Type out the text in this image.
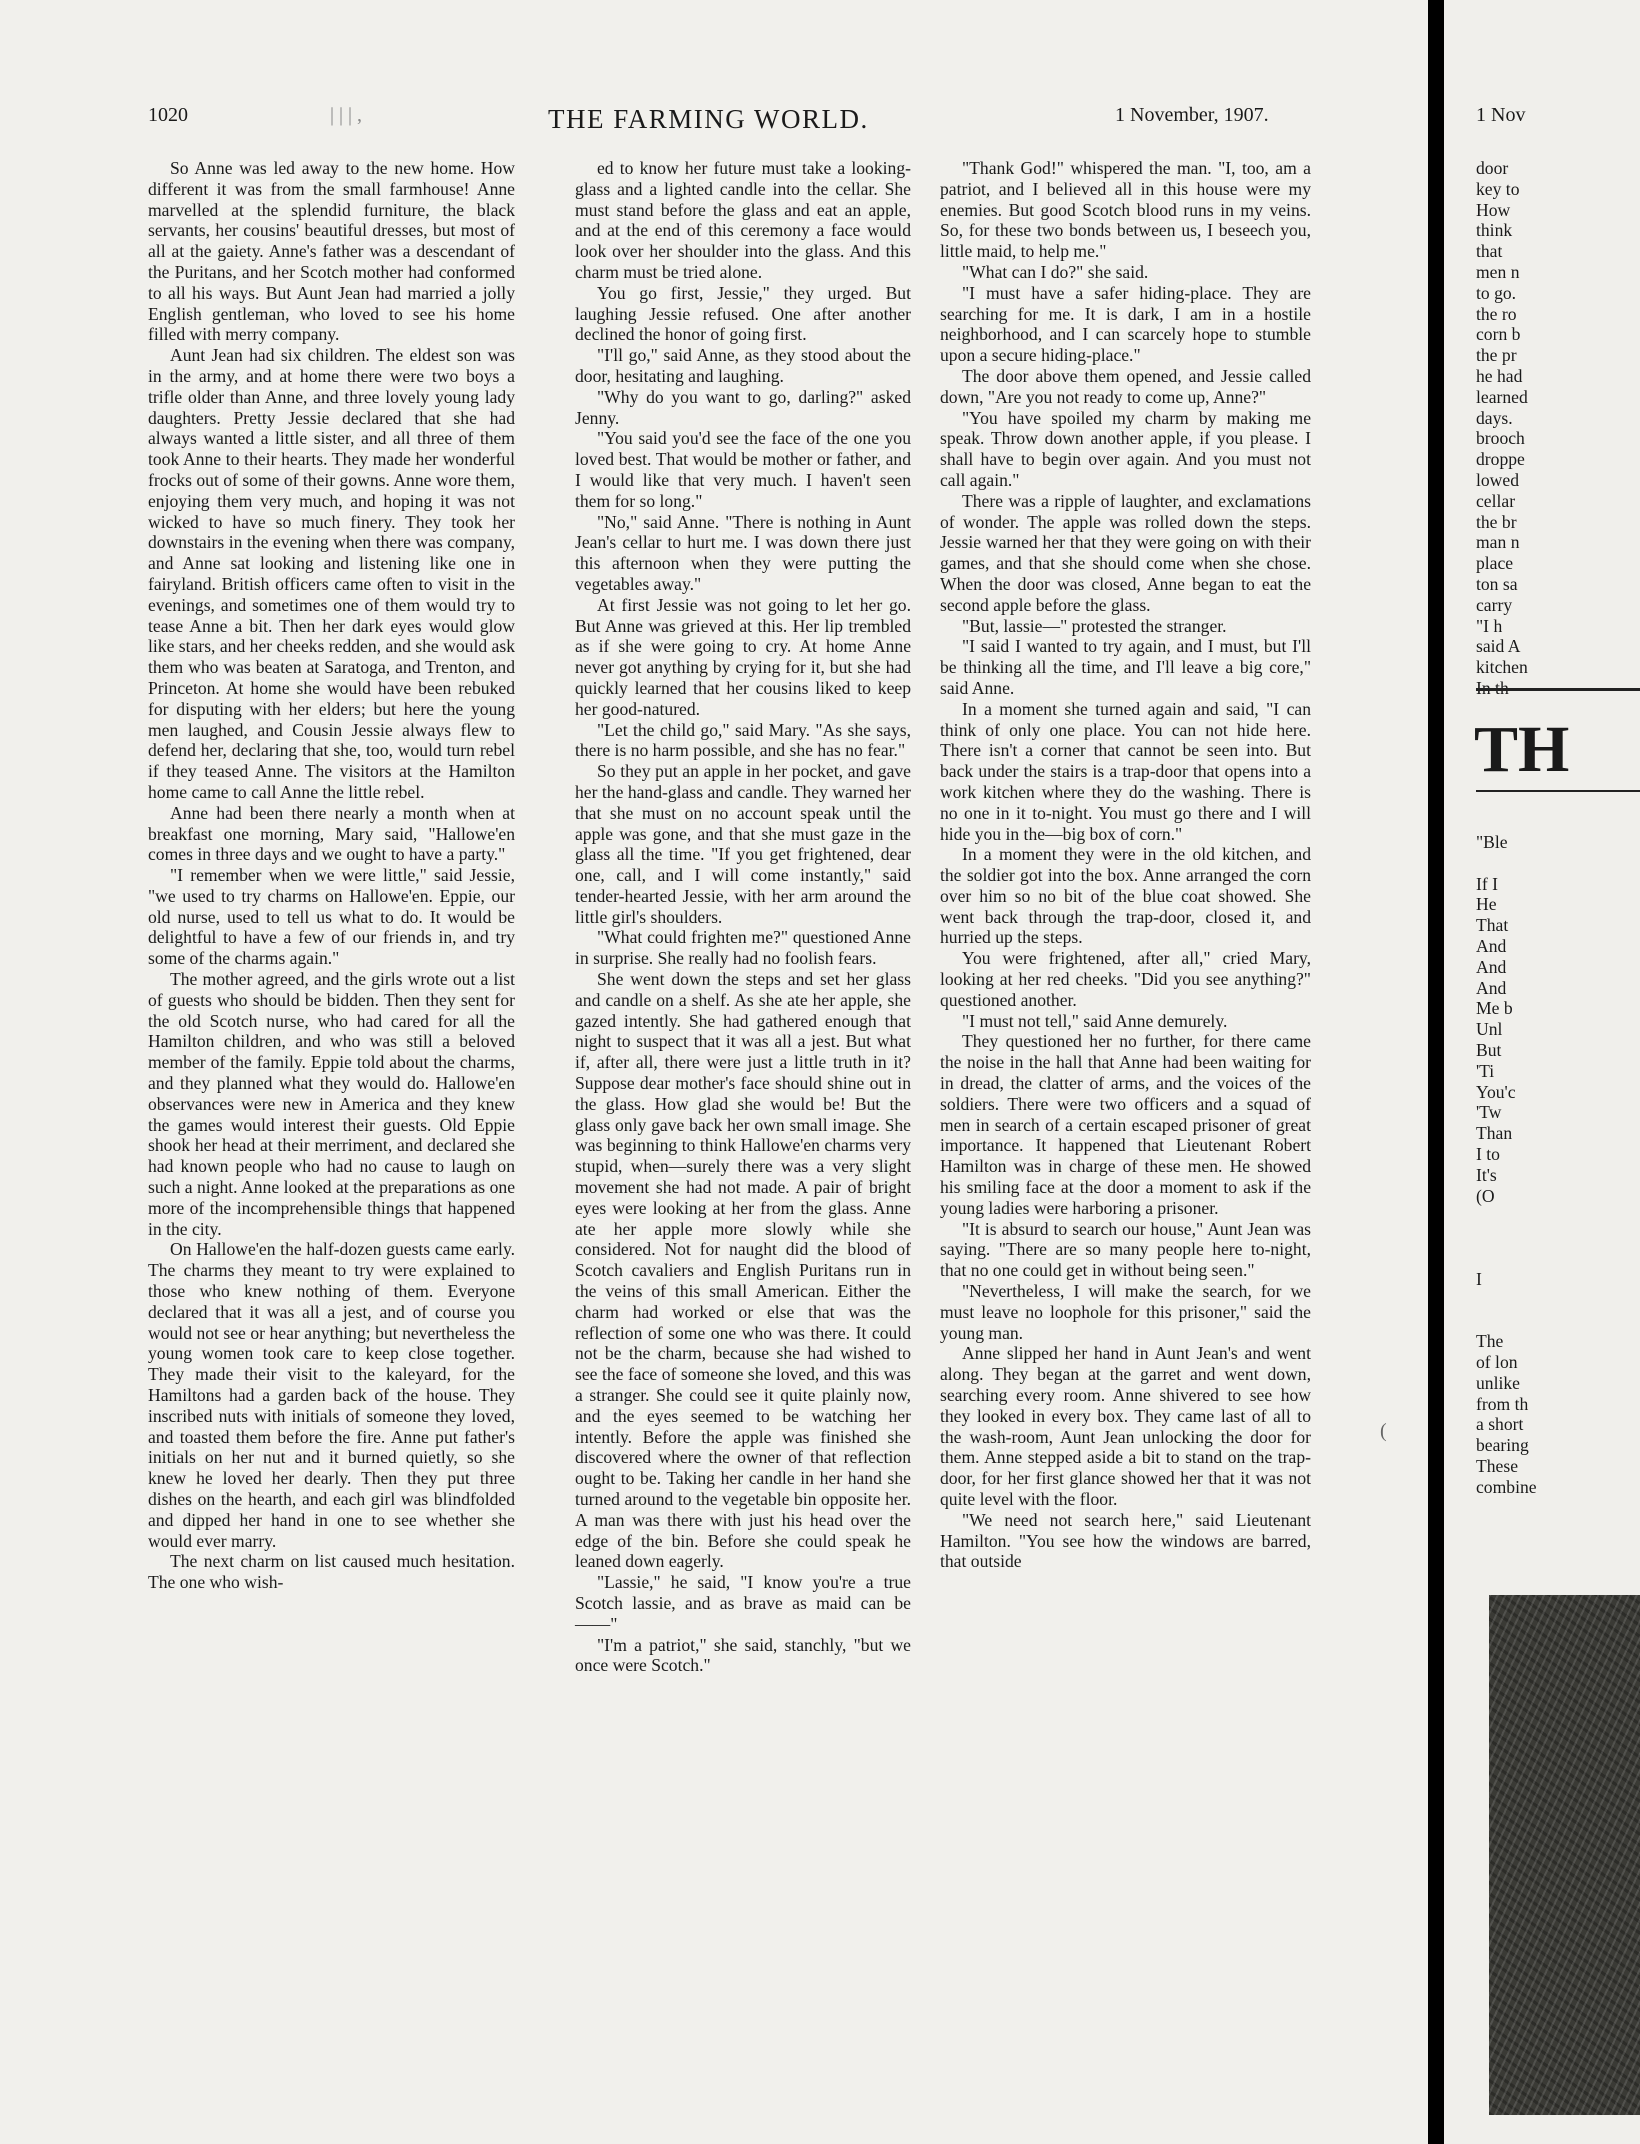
1020	| | | ,	THE FARMING WORLD.	1 November, 1907.

So Anne was led away to the new home. How different it was from the small farmhouse! Anne marvelled at the splendid furniture, the black servants, her cousins' beautiful dresses, but most of all at the gaiety. Anne's father was a descendant of the Puritans, and her Scotch mother had conformed to all his ways. But Aunt Jean had married a jolly English gentleman, who loved to see his home filled with merry company.

Aunt Jean had six children. The eldest son was in the army, and at home there were two boys a trifle older than Anne, and three lovely young lady daughters. Pretty Jessie declared that she had always wanted a little sister, and all three of them took Anne to their hearts. They made her wonderful frocks out of some of their gowns. Anne wore them, enjoying them very much, and hoping it was not wicked to have so much finery. They took her downstairs in the evening when there was company, and Anne sat looking and listening like one in fairyland. British officers came often to visit in the evenings, and sometimes one of them would try to tease Anne a bit. Then her dark eyes would glow like stars, and her cheeks redden, and she would ask them who was beaten at Saratoga, and Trenton, and Princeton. At home she would have been rebuked for disputing with her elders; but here the young men laughed, and Cousin Jessie always flew to defend her, declaring that she, too, would turn rebel if they teased Anne. The visitors at the Hamilton home came to call Anne the little rebel.

Anne had been there nearly a month when at breakfast one morning, Mary said, "Hallowe'en comes in three days and we ought to have a party."

"I remember when we were little," said Jessie, "we used to try charms on Hallowe'en. Eppie, our old nurse, used to tell us what to do. It would be delightful to have a few of our friends in, and try some of the charms again."

The mother agreed, and the girls wrote out a list of guests who should be bidden. Then they sent for the old Scotch nurse, who had cared for all the Hamilton children, and who was still a beloved member of the family. Eppie told about the charms, and they planned what they would do. Hallowe'en observances were new in America and they knew the games would interest their guests. Old Eppie shook her head at their merriment, and declared she had known people who had no cause to laugh on such a night. Anne looked at the preparations as one more of the incomprehensible things that happened in the city.

On Hallowe'en the half-dozen guests came early. The charms they meant to try were explained to those who knew nothing of them. Everyone declared that it was all a jest, and of course you would not see or hear anything; but nevertheless the young women took care to keep close together. They made their visit to the kaleyard, for the Hamiltons had a garden back of the house. They inscribed nuts with initials of someone they loved, and toasted them before the fire. Anne put father's initials on her nut and it burned quietly, so she knew he loved her dearly. Then they put three dishes on the hearth, and each girl was blindfolded and dipped her hand in one to see whether she would ever marry.

The next charm on list caused much hesitation. The one who wish-

ed to know her future must take a looking-glass and a lighted candle into the cellar. She must stand before the glass and eat an apple, and at the end of this ceremony a face would look over her shoulder into the glass. And this charm must be tried alone.

You go first, Jessie," they urged. But laughing Jessie refused. One after another declined the honor of going first.

"I'll go," said Anne, as they stood about the door, hesitating and laughing.

"Why do you want to go, darling?" asked Jenny.

"You said you'd see the face of the one you loved best. That would be mother or father, and I would like that very much. I haven't seen them for so long."

"No," said Anne. "There is nothing in Aunt Jean's cellar to hurt me. I was down there just this afternoon when they were putting the vegetables away."

At first Jessie was not going to let her go. But Anne was grieved at this. Her lip trembled as if she were going to cry. At home Anne never got anything by crying for it, but she had quickly learned that her cousins liked to keep her good-natured.

"Let the child go," said Mary. "As she says, there is no harm possible, and she has no fear."

So they put an apple in her pocket, and gave her the hand-glass and candle. They warned her that she must on no account speak until the apple was gone, and that she must gaze in the glass all the time. "If you get frightened, dear one, call, and I will come instantly," said tender-hearted Jessie, with her arm around the little girl's shoulders.

"What could frighten me?" questioned Anne in surprise. She really had no foolish fears.

She went down the steps and set her glass and candle on a shelf. As she ate her apple, she gazed intently. She had gathered enough that night to suspect that it was all a jest. But what if, after all, there were just a little truth in it? Suppose dear mother's face should shine out in the glass. How glad she would be! But the glass only gave back her own small image. She was beginning to think Hallowe'en charms very stupid, when—surely there was a very slight movement she had not made. A pair of bright eyes were looking at her from the glass. Anne ate her apple more slowly while she considered. Not for naught did the blood of Scotch cavaliers and English Puritans run in the veins of this small American. Either the charm had worked or else that was the reflection of some one who was there. It could not be the charm, because she had wished to see the face of someone she loved, and this was a stranger. She could see it quite plainly now, and the eyes seemed to be watching her intently. Before the apple was finished she discovered where the owner of that reflection ought to be. Taking her candle in her hand she turned around to the vegetable bin opposite her. A man was there with just his head over the edge of the bin. Before she could speak he leaned down eagerly.

"Lassie," he said, "I know you're a true Scotch lassie, and as brave as maid can be——"

"I'm a patriot," she said, stanchly, "but we once were Scotch."

"Thank God!" whispered the man. "I, too, am a patriot, and I believed all in this house were my enemies. But good Scotch blood runs in my veins. So, for these two bonds between us, I beseech you, little maid, to help me."

"What can I do?" she said.

"I must have a safer hiding-place. They are searching for me. It is dark, I am in a hostile neighborhood, and I can scarcely hope to stumble upon a secure hiding-place."

The door above them opened, and Jessie called down, "Are you not ready to come up, Anne?"

"You have spoiled my charm by making me speak. Throw down another apple, if you please. I shall have to begin over again. And you must not call again."

There was a ripple of laughter, and exclamations of wonder. The apple was rolled down the steps. Jessie warned her that they were going on with their games, and that she should come when she chose. When the door was closed, Anne began to eat the second apple before the glass.

"But, lassie—" protested the stranger.

"I said I wanted to try again, and I must, but I'll be thinking all the time, and I'll leave a big core," said Anne.

In a moment she turned again and said, "I can think of only one place. You can not hide here. There isn't a corner that cannot be seen into. But back under the stairs is a trap-door that opens into a work kitchen where they do the washing. There is no one in it to-night. You must go there and I will hide you in the—big box of corn."

In a moment they were in the old kitchen, and the soldier got into the box. Anne arranged the corn over him so no bit of the blue coat showed. She went back through the trap-door, closed it, and hurried up the steps.

You were frightened, after all," cried Mary, looking at her red cheeks. "Did you see anything?" questioned another.

"I must not tell," said Anne demurely.

They questioned her no further, for there came the noise in the hall that Anne had been waiting for in dread, the clatter of arms, and the voices of the soldiers. There were two officers and a squad of men in search of a certain escaped prisoner of great importance. It happened that Lieutenant Robert Hamilton was in charge of these men. He showed his smiling face at the door a moment to ask if the young ladies were harboring a prisoner.

"It is absurd to search our house," Aunt Jean was saying. "There are so many people here to-night, that no one could get in without being seen."

"Nevertheless, I will make the search, for we must leave no loophole for this prisoner," said the young man.

Anne slipped her hand in Aunt Jean's and went along. They began at the garret and went down, searching every room. Anne shivered to see how they looked in every box. They came last of all to the wash-room, Aunt Jean unlocking the door for them. Anne stepped aside a bit to stand on the trap-door, for her first glance showed her that it was not quite level with the floor.

"We need not search here," said Lieutenant Hamilton. "You see how the windows are barred, that outside

(
1 Nov
door
key to
How
think
that
men n
to go.
the ro
corn b
the pr
he had
learned
days.
brooch
droppe
lowed
cellar
the br
man n
place
ton sa
carry
"I h
said A
kitchen
TH
"Ble

If I
He
That
And
And
And
Me b
Unl
But
'Ti
You'c
'Tw
Than
I to
It's
(O

I

The
of lon
unlike
from th
a short
bearing
These
combine
